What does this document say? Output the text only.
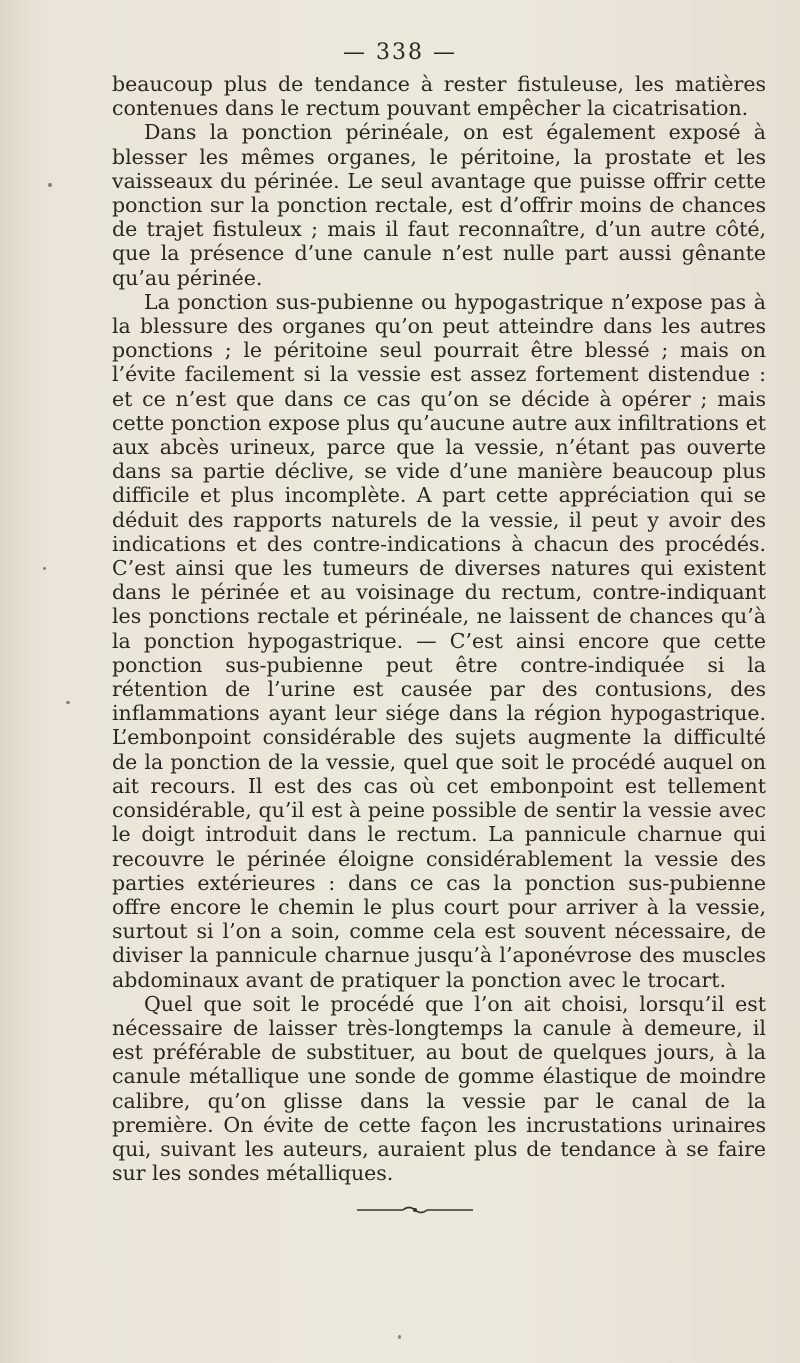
— 338 —

beaucoup plus de tendance à rester fistuleuse, les matières contenues dans le rectum pouvant empêcher la cicatrisation.

Dans la ponction périnéale, on est également exposé à blesser les mêmes organes, le péritoine, la prostate et les vaisseaux du périnée. Le seul avantage que puisse offrir cette ponction sur la ponction rectale, est d’offrir moins de chances de trajet fistuleux ; mais il faut reconnaître, d’un autre côté, que la présence d’une canule n’est nulle part aussi gênante qu’au périnée.

La ponction sus-pubienne ou hypogastrique n’expose pas à la blessure des organes qu’on peut atteindre dans les autres ponctions ; le péritoine seul pourrait être blessé ; mais on l’évite facilement si la vessie est assez fortement distendue : et ce n’est que dans ce cas qu’on se décide à opérer ; mais cette ponction expose plus qu’aucune autre aux infiltrations et aux abcès urineux, parce que la vessie, n’étant pas ouverte dans sa partie déclive, se vide d’une manière beaucoup plus difficile et plus incomplète. A part cette appréciation qui se déduit des rapports naturels de la vessie, il peut y avoir des indications et des contre-indications à chacun des procédés. C’est ainsi que les tumeurs de diverses natures qui existent dans le périnée et au voisinage du rectum, contre-indiquant les ponctions rectale et périnéale, ne laissent de chances qu’à la ponction hypogastrique. — C’est ainsi encore que cette ponction sus-pubienne peut être contre-indiquée si la rétention de l’urine est causée par des contusions, des inflammations ayant leur siége dans la région hypogastrique. L’embonpoint considérable des sujets augmente la difficulté de la ponction de la vessie, quel que soit le procédé auquel on ait recours. Il est des cas où cet embonpoint est tellement considérable, qu’il est à peine possible de sentir la vessie avec le doigt introduit dans le rectum. La pannicule charnue qui recouvre le périnée éloigne considérablement la vessie des parties extérieures : dans ce cas la ponction sus-pubienne offre encore le chemin le plus court pour arriver à la vessie, surtout si l’on a soin, comme cela est souvent nécessaire, de diviser la pannicule charnue jusqu’à l’aponévrose des muscles abdominaux avant de pratiquer la ponction avec le trocart.

Quel que soit le procédé que l’on ait choisi, lorsqu’il est nécessaire de laisser très-longtemps la canule à demeure, il est préférable de substituer, au bout de quelques jours, à la canule métallique une sonde de gomme élastique de moindre calibre, qu’on glisse dans la vessie par le canal de la première. On évite de cette façon les incrustations urinaires qui, suivant les auteurs, auraient plus de tendance à se faire sur les sondes métalliques.
